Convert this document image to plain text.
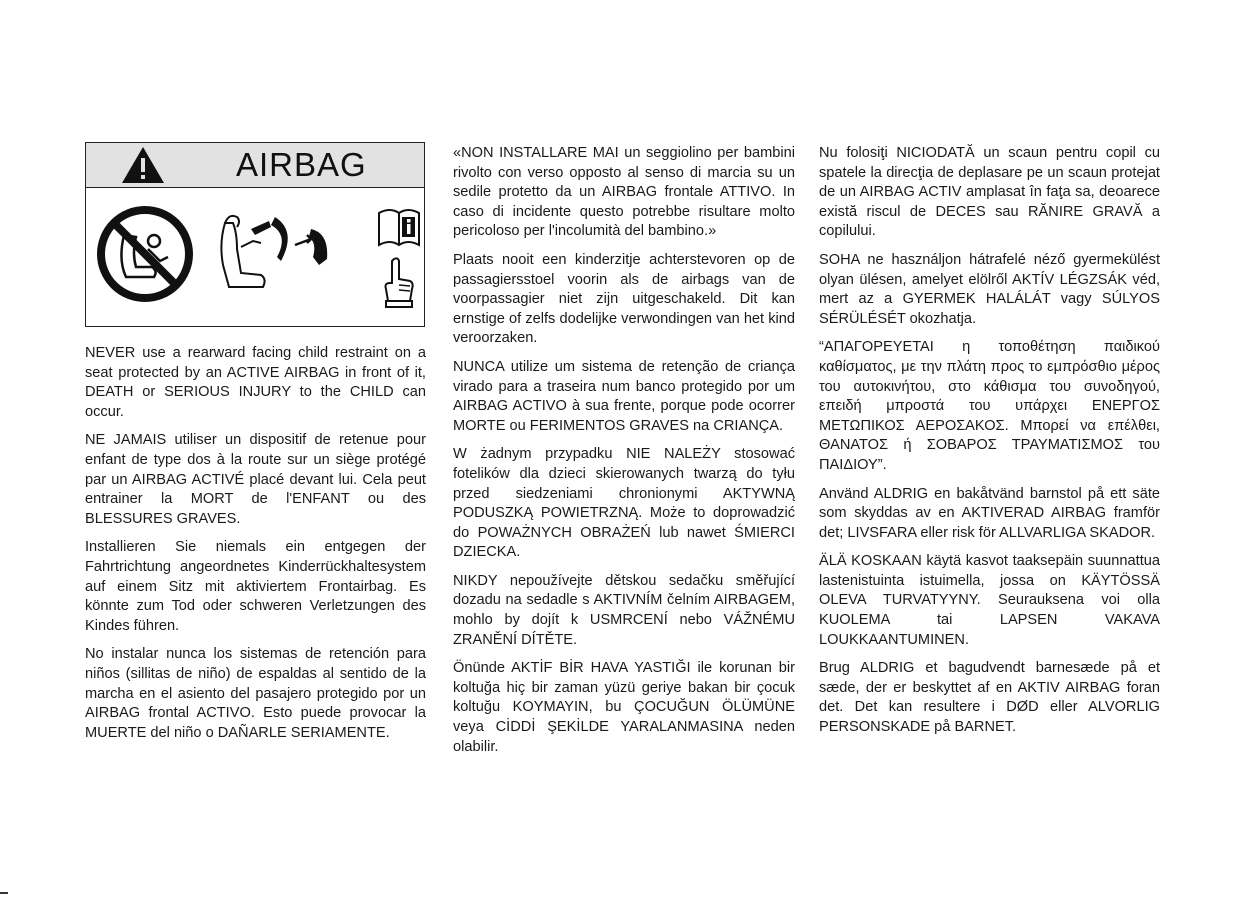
AIRBAG

NEVER use a rearward facing child restraint on a seat protected by an ACTIVE AIRBAG in front of it, DEATH or SERIOUS INJURY to the CHILD can occur.

NE JAMAIS utiliser un dispositif de retenue pour enfant de type dos à la route sur un siège protégé par un AIRBAG ACTIVÉ placé devant lui. Cela peut entrainer la MORT de l'ENFANT ou des BLESSURES GRAVES.

Installieren Sie niemals ein entgegen der Fahrtrichtung angeordnetes Kinderrückhaltesystem auf einem Sitz mit aktiviertem Frontairbag. Es könnte zum Tod oder schweren Verletzungen des Kindes führen.

No instalar nunca los sistemas de retención para niños (sillitas de niño) de espaldas al sentido de la marcha en el asiento del pasajero protegido por un AIRBAG frontal ACTIVO. Esto puede provocar la MUERTE del niño o DAÑARLE SERIAMENTE.

«NON INSTALLARE MAI un seggiolino per bambini rivolto con verso opposto al senso di marcia su un sedile protetto da un AIRBAG frontale ATTIVO. In caso di incidente questo potrebbe risultare molto pericoloso per l'incolumità del bambino.»

Plaats nooit een kinderzitje achterstevoren op de passagiersstoel voorin als de airbags van de voorpassagier niet zijn uitgeschakeld. Dit kan ernstige of zelfs dodelijke verwondingen van het kind veroorzaken.

NUNCA utilize um sistema de retenção de criança virado para a traseira num banco protegido por um AIRBAG ACTIVO à sua frente, porque pode ocorrer MORTE ou FERIMENTOS GRAVES na CRIANÇA.

W żadnym przypadku NIE NALEŻY stosować fotelików dla dzieci skierowanych twarzą do tyłu przed siedzeniami chronionymi AKTYWNĄ PODUSZKĄ POWIETRZNĄ. Może to doprowadzić do POWAŻNYCH OBRAŻEŃ lub nawet ŚMIERCI DZIECKA.

NIKDY nepoužívejte dětskou sedačku směřující dozadu na sedadle s AKTIVNÍM čelním AIRBAGEM, mohlo by dojít k USMRCENÍ nebo VÁŽNÉMU ZRANĚNÍ DÍTĚTE.

Önünde AKTİF BİR HAVA YASTIĞI ile korunan bir koltuğa hiç bir zaman yüzü geriye bakan bir çocuk koltuğu KOYMAYIN, bu ÇOCUĞUN ÖLÜMÜNE veya CİDDİ ŞEKİLDE YARALANMASINA neden olabilir.

Nu folosiţi NICIODATĂ un scaun pentru copil cu spatele la direcţia de deplasare pe un scaun protejat de un AIRBAG ACTIV amplasat în faţa sa, deoarece există riscul de DECES sau RĂNIRE GRAVĂ a copilului.

SOHA ne használjon hátrafelé néző gyermekülést olyan ülésen, amelyet elölről AKTÍV LÉGZSÁK véd, mert az a GYERMEK HALÁLÁT vagy SÚLYOS SÉRÜLÉSÉT okozhatja.

“ΑΠΑΓΟΡΕΥΕΤΑΙ η τοποθέτηση παιδικού καθίσματος, με την πλάτη προς το εμπρόσθιο μέρος του αυτοκινήτου, στο κάθισμα του συνοδηγού, επειδή μπροστά του υπάρχει ΕΝΕΡΓΟΣ ΜΕΤΩΠΙΚΟΣ ΑΕΡΟΣΑΚΟΣ. Μπορεί να επέλθει, ΘΑΝΑΤΟΣ ή ΣΟΒΑΡΟΣ ΤΡΑΥΜΑΤΙΣΜΟΣ του ΠΑΙΔΙΟΥ”.

Använd ALDRIG en bakåtvänd barnstol på ett säte som skyddas av en AKTIVERAD AIRBAG framför det; LIVSFARA eller risk för ALLVARLIGA SKADOR.

ÄLÄ KOSKAAN käytä kasvot taaksepäin suunnattua lastenistuinta istuimella, jossa on KÄYTÖSSÄ OLEVA TURVATYYNY. Seurauksena voi olla KUOLEMA tai LAPSEN VAKAVA LOUKKAANTUMINEN.

Brug ALDRIG et bagudvendt barnesæde på et sæde, der er beskyttet af en AKTIV AIRBAG foran det. Det kan resultere i DØD eller ALVORLIG PERSONSKADE på BARNET.
